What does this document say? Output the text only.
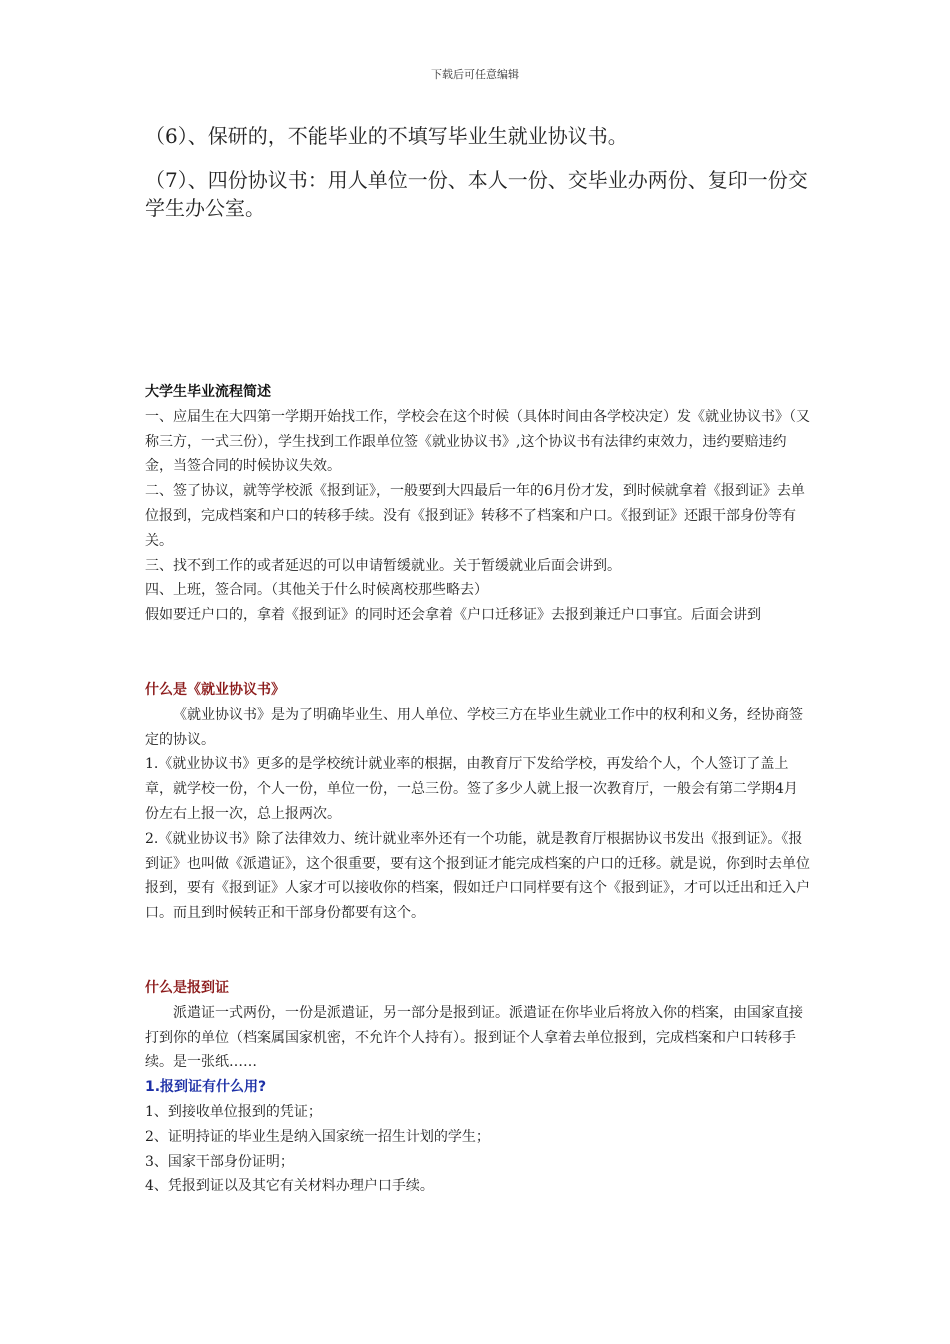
下载后可任意编辑
（6）、保研的，不能毕业的不填写毕业生就业协议书。
（7）、四份协议书：用人单位一份、本人一份、交毕业办两份、复印一份交学生办公室。

大学生毕业流程简述

一、应届生在大四第一学期开始找工作，学校会在这个时候（具体时间由各学校决定）发《就业协议书》（又称三方，一式三份），学生找到工作跟单位签《就业协议书》,这个协议书有法律约束效力，违约要赔违约金，当签合同的时候协议失效。

二、签了协议，就等学校派《报到证》，一般要到大四最后一年的6月份才发，到时候就拿着《报到证》去单位报到，完成档案和户口的转移手续。没有《报到证》转移不了档案和户口。《报到证》还跟干部身份等有关。

三、找不到工作的或者延迟的可以申请暂缓就业。关于暂缓就业后面会讲到。

四、上班，签合同。（其他关于什么时候离校那些略去）

假如要迁户口的，拿着《报到证》的同时还会拿着《户口迁移证》去报到兼迁户口事宜。后面会讲到

什么是《就业协议书》

《就业协议书》是为了明确毕业生、用人单位、学校三方在毕业生就业工作中的权利和义务，经协商签定的协议。

1.《就业协议书》更多的是学校统计就业率的根据，由教育厅下发给学校，再发给个人，个人签订了盖上章，就学校一份，个人一份，单位一份，一总三份。签了多少人就上报一次教育厅，一般会有第二学期4月份左右上报一次，总上报两次。

2.《就业协议书》除了法律效力、统计就业率外还有一个功能，就是教育厅根据协议书发出《报到证》。《报到证》也叫做《派遣证》，这个很重要，要有这个报到证才能完成档案的户口的迁移。就是说，你到时去单位报到，要有《报到证》人家才可以接收你的档案，假如迁户口同样要有这个《报到证》，才可以迁出和迁入户口。而且到时候转正和干部身份都要有这个。

什么是报到证

派遣证一式两份，一份是派遣证，另一部分是报到证。派遣证在你毕业后将放入你的档案，由国家直接打到你的单位（档案属国家机密，不允许个人持有）。报到证个人拿着去单位报到，完成档案和户口转移手续。是一张纸……

1.报到证有什么用?

1、到接收单位报到的凭证；

2、证明持证的毕业生是纳入国家统一招生计划的学生；

3、国家干部身份证明；

4、凭报到证以及其它有关材料办理户口手续。
